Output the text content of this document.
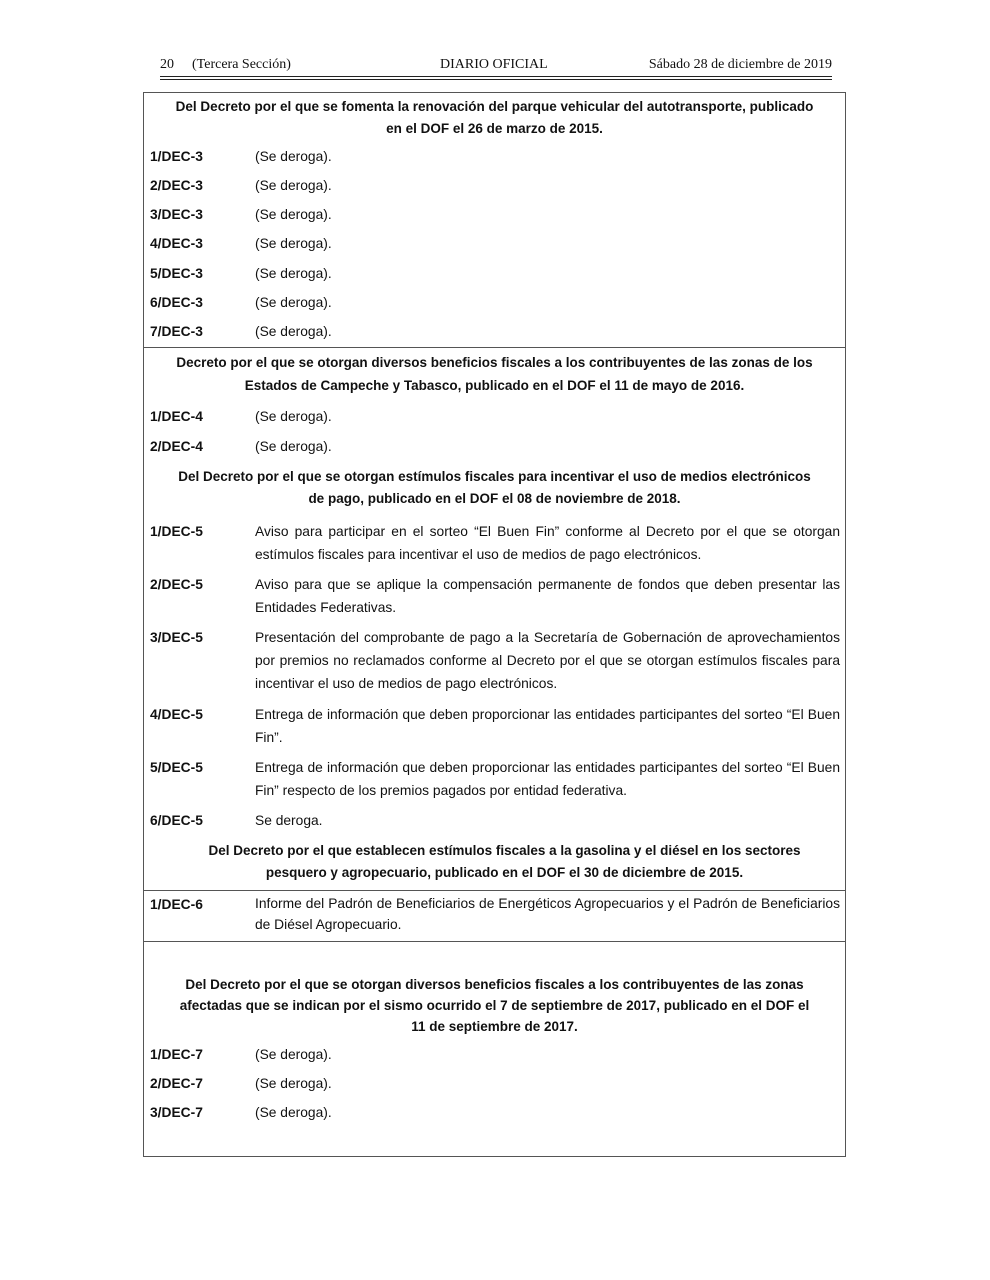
20 (Tercera Sección)	DIARIO OFICIAL	Sábado 28 de diciembre de 2019
Del Decreto por el que se fomenta la renovación del parque vehicular del autotransporte, publicado
en el DOF el 26 de marzo de 2015.
1/DEC-3	(Se deroga).
2/DEC-3	(Se deroga).
3/DEC-3	(Se deroga).
4/DEC-3	(Se deroga).
5/DEC-3	(Se deroga).
6/DEC-3	(Se deroga).
7/DEC-3	(Se deroga).
Decreto por el que se otorgan diversos beneficios fiscales a los contribuyentes de las zonas de los
Estados de Campeche y Tabasco, publicado en el DOF el 11 de mayo de 2016.
1/DEC-4	(Se deroga).
2/DEC-4	(Se deroga).
Del Decreto por el que se otorgan estímulos fiscales para incentivar el uso de medios electrónicos
de pago, publicado en el DOF el 08 de noviembre de 2018.
1/DEC-5	Aviso para participar en el sorteo “El Buen Fin” conforme al Decreto por el que se otorgan estímulos fiscales para incentivar el uso de medios de pago electrónicos.
2/DEC-5	Aviso para que se aplique la compensación permanente de fondos que deben presentar las Entidades Federativas.
3/DEC-5	Presentación del comprobante de pago a la Secretaría de Gobernación de aprovechamientos por premios no reclamados conforme al Decreto por el que se otorgan estímulos fiscales para incentivar el uso de medios de pago electrónicos.
4/DEC-5	Entrega de información que deben proporcionar las entidades participantes del sorteo “El Buen Fin”.
5/DEC-5	Entrega de información que deben proporcionar las entidades participantes del sorteo “El Buen Fin” respecto de los premios pagados por entidad federativa.
6/DEC-5	Se deroga.
Del Decreto por el que establecen estímulos fiscales a la gasolina y el diésel en los sectores
pesquero y agropecuario, publicado en el DOF el 30 de diciembre de 2015.
1/DEC-6	Informe del Padrón de Beneficiarios de Energéticos Agropecuarios y el Padrón de Beneficiarios de Diésel Agropecuario.
Del Decreto por el que se otorgan diversos beneficios fiscales a los contribuyentes de las zonas
afectadas que se indican por el sismo ocurrido el 7 de septiembre de 2017, publicado en el DOF el
11 de septiembre de 2017.
1/DEC-7	(Se deroga).
2/DEC-7	(Se deroga).
3/DEC-7	(Se deroga).
